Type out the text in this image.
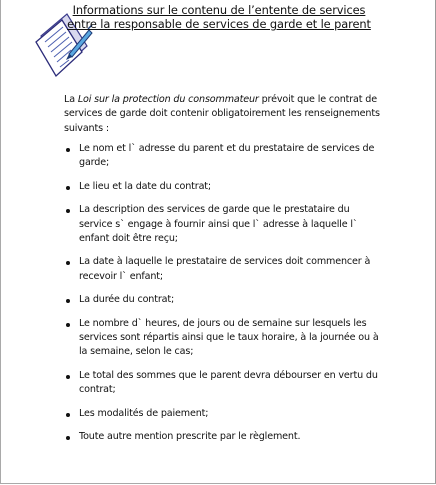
Informations sur le contenu de l’entente de services entre la responsable de services de garde et le parent

La Loi sur la protection du consommateur prévoit que le contrat de services de garde doit contenir obligatoirement les renseignements suivants :

Le nom et l` adresse du parent et du prestataire de services de garde;
Le lieu et la date du contrat;
La description des services de garde que le prestataire du service s` engage à fournir ainsi que l` adresse à laquelle l` enfant doit être reçu;
La date à laquelle le prestataire de services doit commencer à recevoir l` enfant;
La durée du contrat;
Le nombre d` heures, de jours ou de semaine sur lesquels les services sont répartis ainsi que le taux horaire, à la journée ou à la semaine, selon le cas;
Le total des sommes que le parent devra débourser en vertu du contrat;
Les modalités de paiement;
Toute autre mention prescrite par le règlement.
